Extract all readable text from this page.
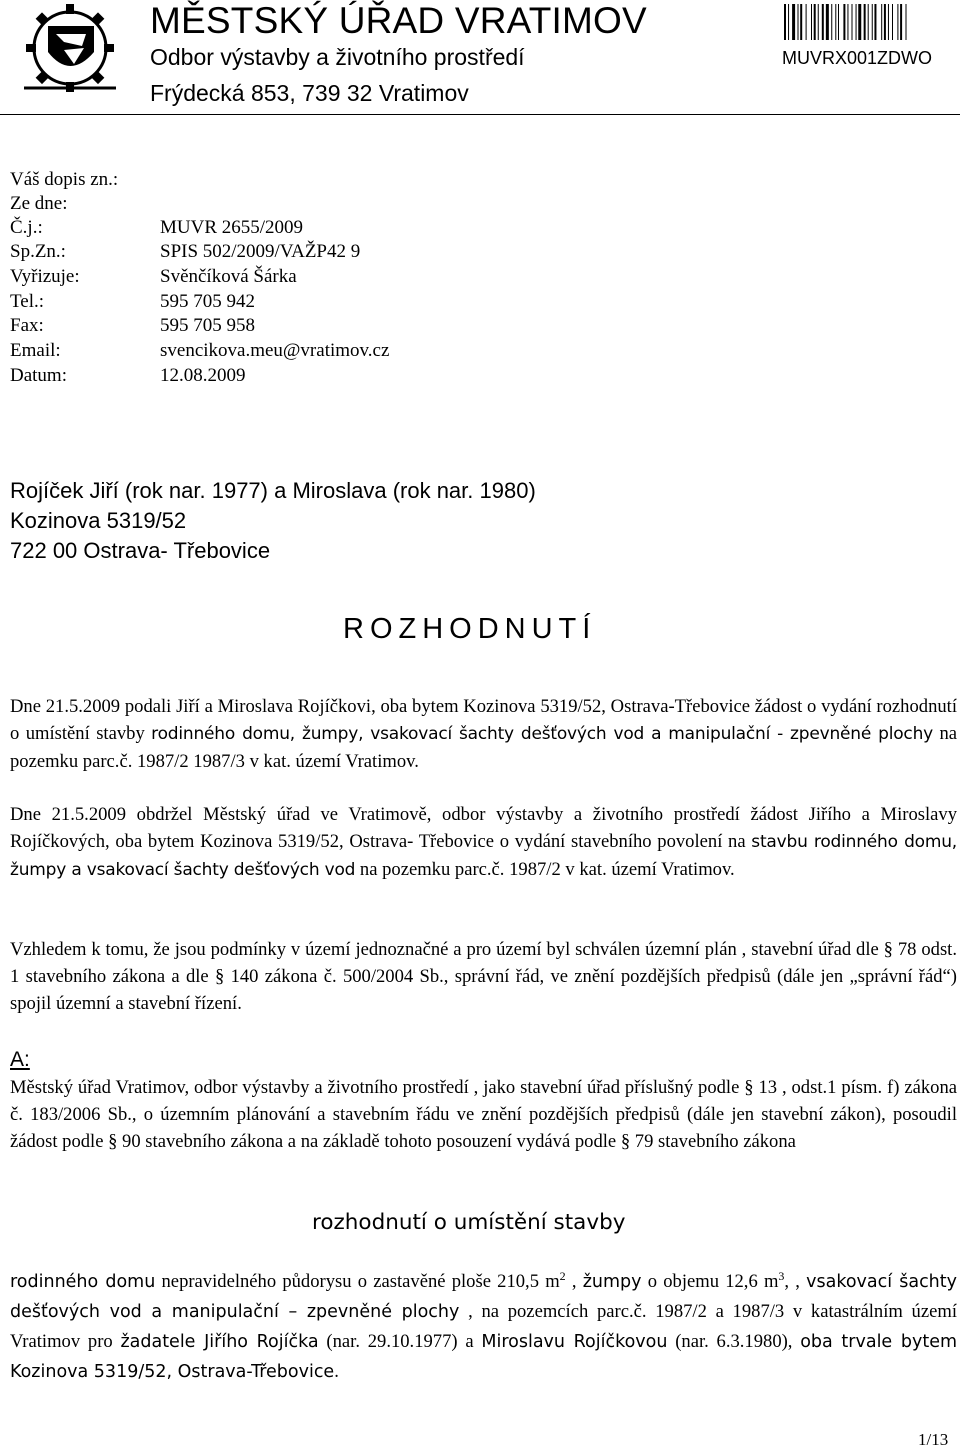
MĚSTSKÝ ÚŘAD VRATIMOV
Odbor výstavby a životního prostředí
Frýdecká 853, 739 32 Vratimov
MUVRX001ZDWO
Váš dopis zn.:
Ze dne:
Č.j.:
Sp.Zn.:
Vyřizuje:
Tel.:
Fax:
Email:
Datum:
MUVR 2655/2009
SPIS 502/2009/VAŽP42 9
Svěnčíková Šárka
595 705 942
595 705 958
svencikova.meu@vratimov.cz
12.08.2009
Rojíček Jiří (rok nar. 1977) a Miroslava (rok nar. 1980)
Kozinova 5319/52
722 00 Ostrava- Třebovice
ROZHODNUTÍ
Dne 21.5.2009 podali Jiří a Miroslava Rojíčkovi, oba bytem Kozinova 5319/52, Ostrava-Třebovice žádost o vydání rozhodnutí o umístění stavby rodinného domu, žumpy, vsakovací šachty dešťových vod a manipulační - zpevněné plochy na pozemku parc.č. 1987/2 1987/3 v kat. území Vratimov.
Dne 21.5.2009 obdržel Městský úřad ve Vratimově, odbor výstavby a životního prostředí žádost Jiřího a Miroslavy Rojíčkových, oba bytem Kozinova 5319/52, Ostrava- Třebovice o vydání stavebního povolení na stavbu rodinného domu, žumpy a vsakovací šachty dešťových vod na pozemku parc.č. 1987/2 v kat. území Vratimov.
Vzhledem k tomu, že jsou podmínky v území jednoznačné a pro území byl schválen územní plán , stavební úřad dle § 78 odst. 1 stavebního zákona a dle § 140 zákona č. 500/2004 Sb., správní řád, ve znění pozdějších předpisů (dále jen „správní řád“) spojil územní a stavební řízení.
A:
Městský úřad Vratimov, odbor výstavby a životního prostředí , jako stavební úřad příslušný podle § 13 , odst.1 písm. f) zákona č. 183/2006 Sb., o územním plánování a stavebním řádu ve znění pozdějších předpisů (dále jen stavební zákon), posoudil žádost podle § 90 stavebního zákona a na základě tohoto posouzení vydává podle § 79 stavebního zákona
rozhodnutí o umístění stavby
rodinného domu nepravidelného půdorysu o zastavěné ploše 210,5 $m^2$ , žumpy o objemu 12,6 $m^3$, , vsakovací šachty dešťových vod a manipulační – zpevněné plochy , na pozemcích parc.č. 1987/2 a 1987/3 v katastrálním území Vratimov pro žadatele Jiřího Rojíčka (nar. 29.10.1977) a Miroslavu Rojíčkovou (nar. 6.3.1980), oba trvale bytem Kozinova 5319/52, Ostrava-Třebovice.
1/13
